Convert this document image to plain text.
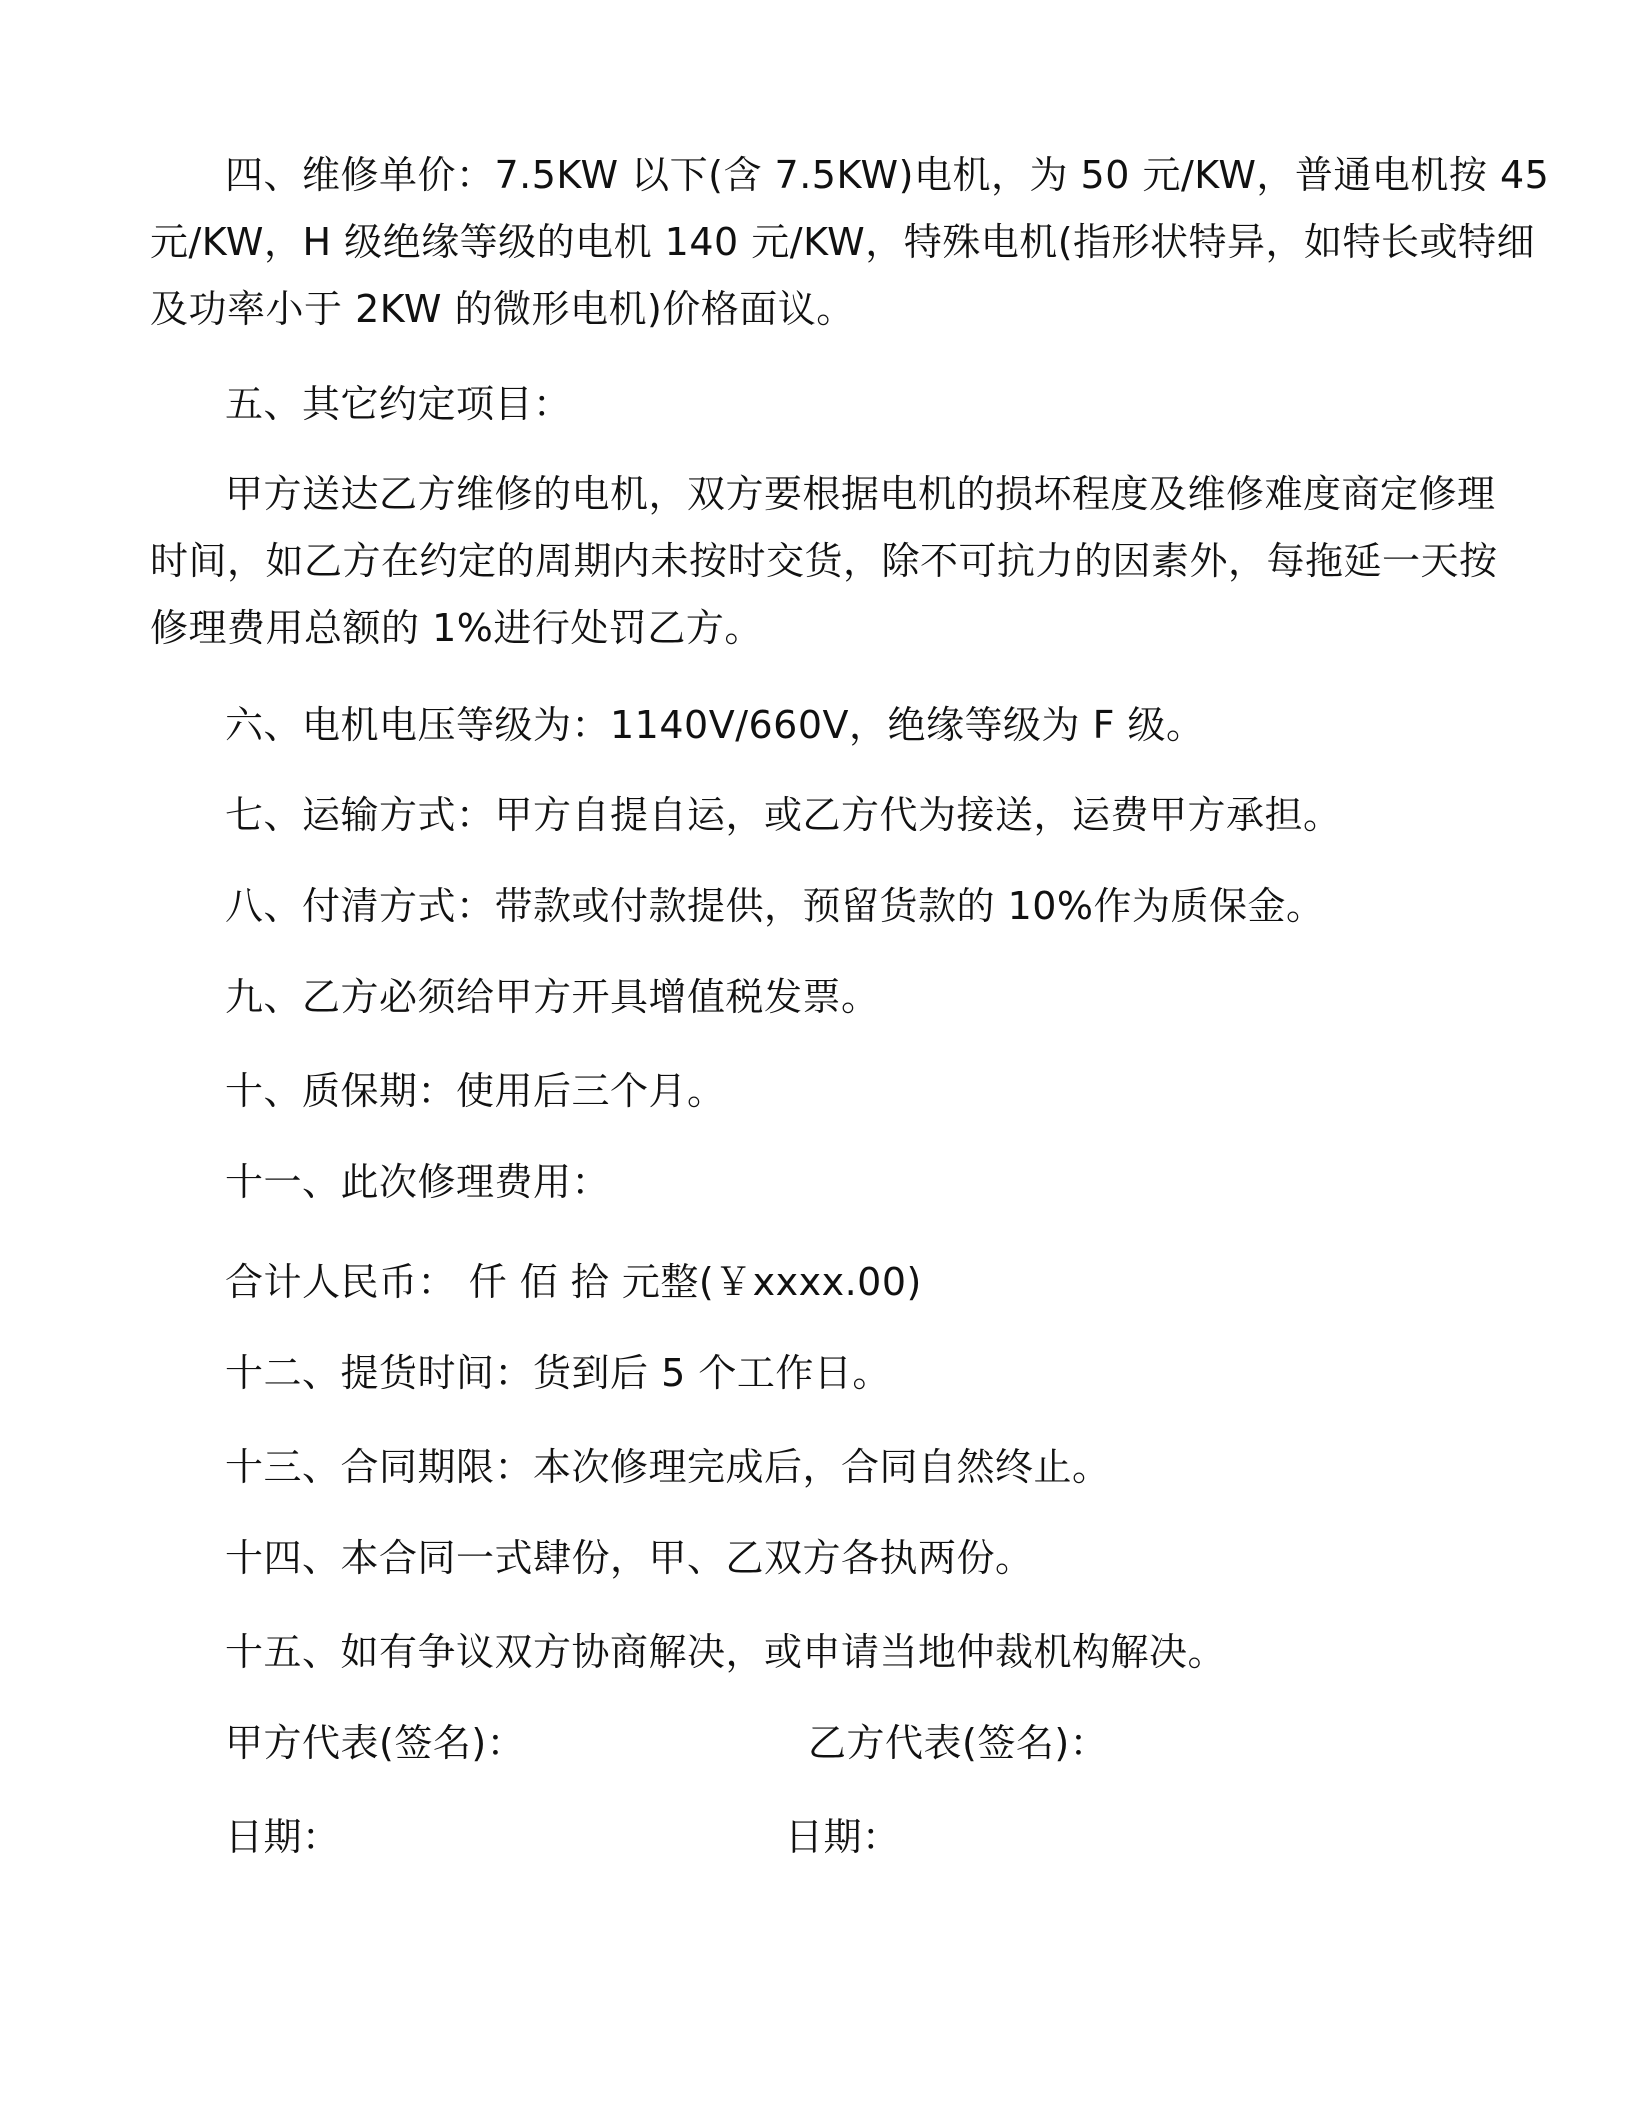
四、维修单价：7.5KW 以下(含 7.5KW)电机，为 50 元/KW，普通电机按 45
元/KW，H 级绝缘等级的电机 140 元/KW，特殊电机(指形状特异，如特长或特细
及功率小于 2KW 的微形电机)价格面议。
五、其它约定项目：
甲方送达乙方维修的电机，双方要根据电机的损坏程度及维修难度商定修理
时间，如乙方在约定的周期内未按时交货，除不可抗力的因素外，每拖延一天按
修理费用总额的 1%进行处罚乙方。
六、电机电压等级为：1140V/660V，绝缘等级为 F 级。
七、运输方式：甲方自提自运，或乙方代为接送，运费甲方承担。
八、付清方式：带款或付款提供，预留货款的 10%作为质保金。
九、乙方必须给甲方开具增值税发票。
十、质保期：使用后三个月。
十一、此次修理费用：
合计人民币： 仟 佰 拾 元整(￥xxxx.00)
十二、提货时间：货到后 5 个工作日。
十三、合同期限：本次修理完成后，合同自然终止。
十四、本合同一式肆份，甲、乙双方各执两份。
十五、如有争议双方协商解决，或申请当地仲裁机构解决。
甲方代表(签名)：	乙方代表(签名)：
日期：	日期：
